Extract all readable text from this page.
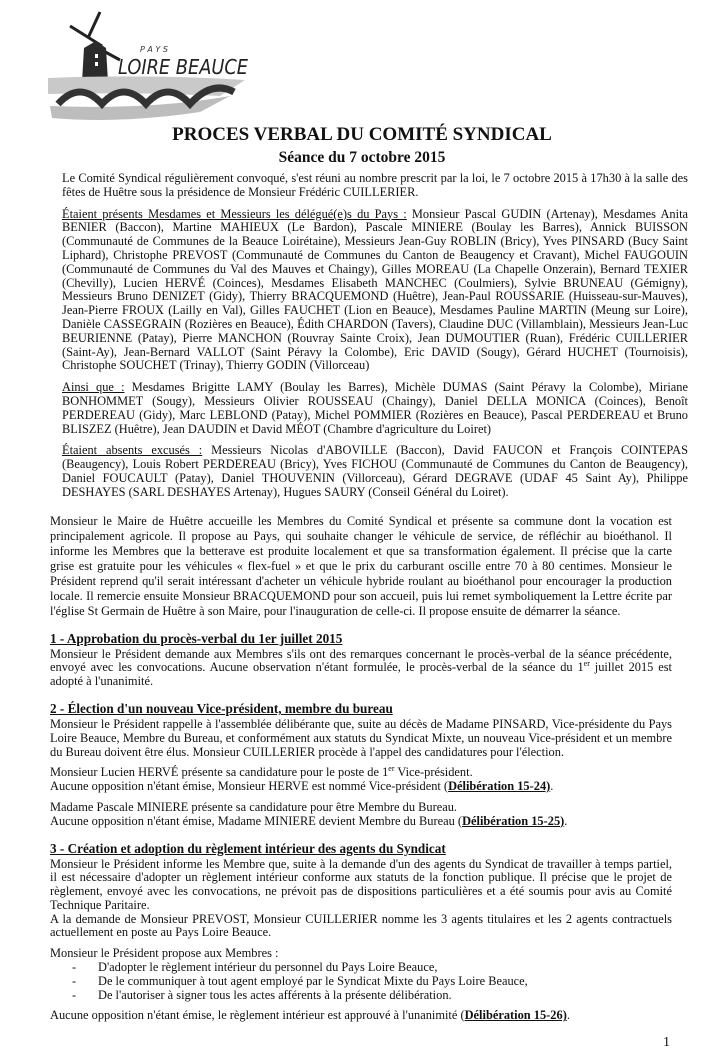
P A Y S
LOIRE BEAUCE
PROCES VERBAL DU COMITÉ SYNDICAL
Séance du 7 octobre 2015
Le Comité Syndical régulièrement convoqué, s'est réuni au nombre prescrit par la loi, le 7 octobre 2015 à 17h30 à la salle des fêtes de Huêtre sous la présidence de Monsieur Frédéric CUILLERIER.
Étaient présents Mesdames et Messieurs les délégué(e)s du Pays : Monsieur Pascal GUDIN (Artenay), Mesdames Anita BENIER (Baccon), Martine MAHIEUX (Le Bardon), Pascale MINIERE (Boulay les Barres), Annick BUISSON (Communauté de Communes de la Beauce Loirétaine), Messieurs Jean-Guy ROBLIN (Bricy), Yves PINSARD (Bucy Saint Liphard), Christophe PREVOST (Communauté de Communes du Canton de Beaugency et Cravant), Michel FAUGOUIN (Communauté de Communes du Val des Mauves et Chaingy), Gilles MOREAU (La Chapelle Onzerain), Bernard TEXIER (Chevilly), Lucien HERVÉ (Coinces), Mesdames Elisabeth MANCHEC (Coulmiers), Sylvie BRUNEAU (Gémigny), Messieurs Bruno DENIZET (Gidy), Thierry BRACQUEMOND (Huêtre), Jean-Paul ROUSSARIE (Huisseau-sur-Mauves), Jean-Pierre FROUX (Lailly en Val), Gilles FAUCHET (Lion en Beauce), Mesdames Pauline MARTIN (Meung sur Loire), Danièle CASSEGRAIN (Rozières en Beauce), Édith CHARDON (Tavers), Claudine DUC (Villamblain), Messieurs Jean-Luc BEURIENNE (Patay), Pierre MANCHON (Rouvray Sainte Croix), Jean DUMOUTIER (Ruan), Frédéric CUILLERIER (Saint-Ay), Jean-Bernard VALLOT (Saint Péravy la Colombe), Eric DAVID (Sougy), Gérard HUCHET (Tournoisis), Christophe SOUCHET (Trinay), Thierry GODIN (Villorceau)
Ainsi que : Mesdames Brigitte LAMY (Boulay les Barres), Michèle DUMAS (Saint Péravy la Colombe), Miriane BONHOMMET (Sougy), Messieurs Olivier ROUSSEAU (Chaingy), Daniel DELLA MONICA (Coinces), Benoît PERDEREAU (Gidy), Marc LEBLOND (Patay), Michel POMMIER (Rozières en Beauce), Pascal PERDEREAU et Bruno BLISZEZ (Huêtre), Jean DAUDIN et David MÉOT (Chambre d'agriculture du Loiret)
Étaient absents excusés : Messieurs Nicolas d'ABOVILLE (Baccon), David FAUCON et François COINTEPAS (Beaugency), Louis Robert PERDEREAU (Bricy), Yves FICHOU (Communauté de Communes du Canton de Beaugency), Daniel FOUCAULT (Patay), Daniel THOUVENIN (Villorceau), Gérard DEGRAVE (UDAF 45 Saint Ay), Philippe DESHAYES (SARL DESHAYES Artenay), Hugues SAURY (Conseil Général du Loiret).
Monsieur le Maire de Huêtre accueille les Membres du Comité Syndical et présente sa commune dont la vocation est principalement agricole. Il propose au Pays, qui souhaite changer le véhicule de service, de réfléchir au bioéthanol. Il informe les Membres que la betterave est produite localement et que sa transformation également. Il précise que la carte grise est gratuite pour les véhicules « flex-fuel » et que le prix du carburant oscille entre 70 à 80 centimes. Monsieur le Président reprend qu'il serait intéressant d'acheter un véhicule hybride roulant au bioéthanol pour encourager la production locale. Il remercie ensuite Monsieur BRACQUEMOND pour son accueil, puis lui remet symboliquement la Lettre écrite par l'église St Germain de Huêtre à son Maire, pour l'inauguration de celle-ci. Il propose ensuite de démarrer la séance.
1 - Approbation du procès-verbal du 1er juillet 2015

Monsieur le Président demande aux Membres s'ils ont des remarques concernant le procès-verbal de la séance précédente, envoyé avec les convocations. Aucune observation n'étant formulée, le procès-verbal de la séance du 1er juillet 2015 est adopté à l'unanimité.

2 - Élection d'un nouveau Vice-président, membre du bureau

Monsieur le Président rappelle à l'assemblée délibérante que, suite au décès de Madame PINSARD, Vice-présidente du Pays Loire Beauce, Membre du Bureau, et conformément aux statuts du Syndicat Mixte, un nouveau Vice-président et un membre du Bureau doivent être élus. Monsieur CUILLERIER procède à l'appel des candidatures pour l'élection.

Monsieur Lucien HERVÉ présente sa candidature pour le poste de 1er Vice-président.
Aucune opposition n'étant émise, Monsieur HERVE est nommé Vice-président (Délibération 15-24).

Madame Pascale MINIERE présente sa candidature pour être Membre du Bureau.
Aucune opposition n'étant émise, Madame MINIERE devient Membre du Bureau (Délibération 15-25).

3 - Création et adoption du règlement intérieur des agents du Syndicat

Monsieur le Président informe les Membre que, suite à la demande d'un des agents du Syndicat de travailler à temps partiel, il est nécessaire d'adopter un règlement intérieur conforme aux statuts de la fonction publique. Il précise que le projet de règlement, envoyé avec les convocations, ne prévoit pas de dispositions particulières et a été soumis pour avis au Comité Technique Paritaire.

A la demande de Monsieur PREVOST, Monsieur CUILLERIER nomme les 3 agents titulaires et les 2 agents contractuels actuellement en poste au Pays Loire Beauce.

Monsieur le Président propose aux Membres :

- D'adopter le règlement intérieur du personnel du Pays Loire Beauce,
- De le communiquer à tout agent employé par le Syndicat Mixte du Pays Loire Beauce,
- De l'autoriser à signer tous les actes afférents à la présente délibération.

Aucune opposition n'étant émise, le règlement intérieur est approuvé à l'unanimité (Délibération 15-26).

1
